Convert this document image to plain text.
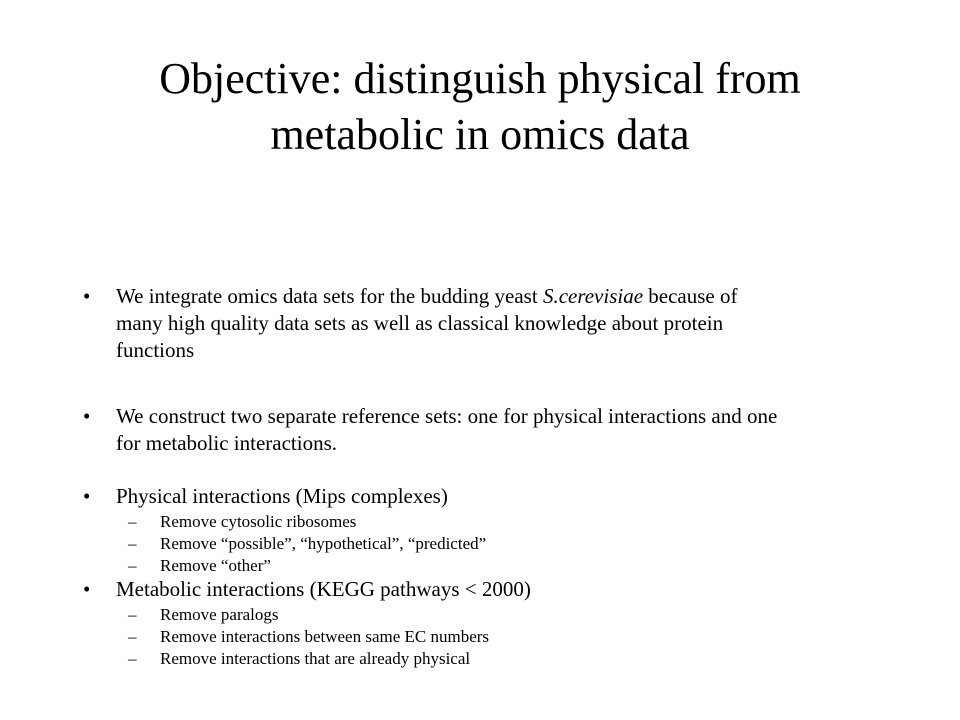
Objective: distinguish physical from
metabolic in omics data
• We integrate omics data sets for the budding yeast S.cerevisiae because of
many high quality data sets as well as classical knowledge about protein
functions
• We construct two separate reference sets: one for physical interactions and one
for metabolic interactions.
• Physical interactions (Mips complexes)
– Remove cytosolic ribosomes
– Remove “possible”, “hypothetical”, “predicted”
– Remove “other”
• Metabolic interactions (KEGG pathways < 2000)
– Remove paralogs
– Remove interactions between same EC numbers
– Remove interactions that are already physical
